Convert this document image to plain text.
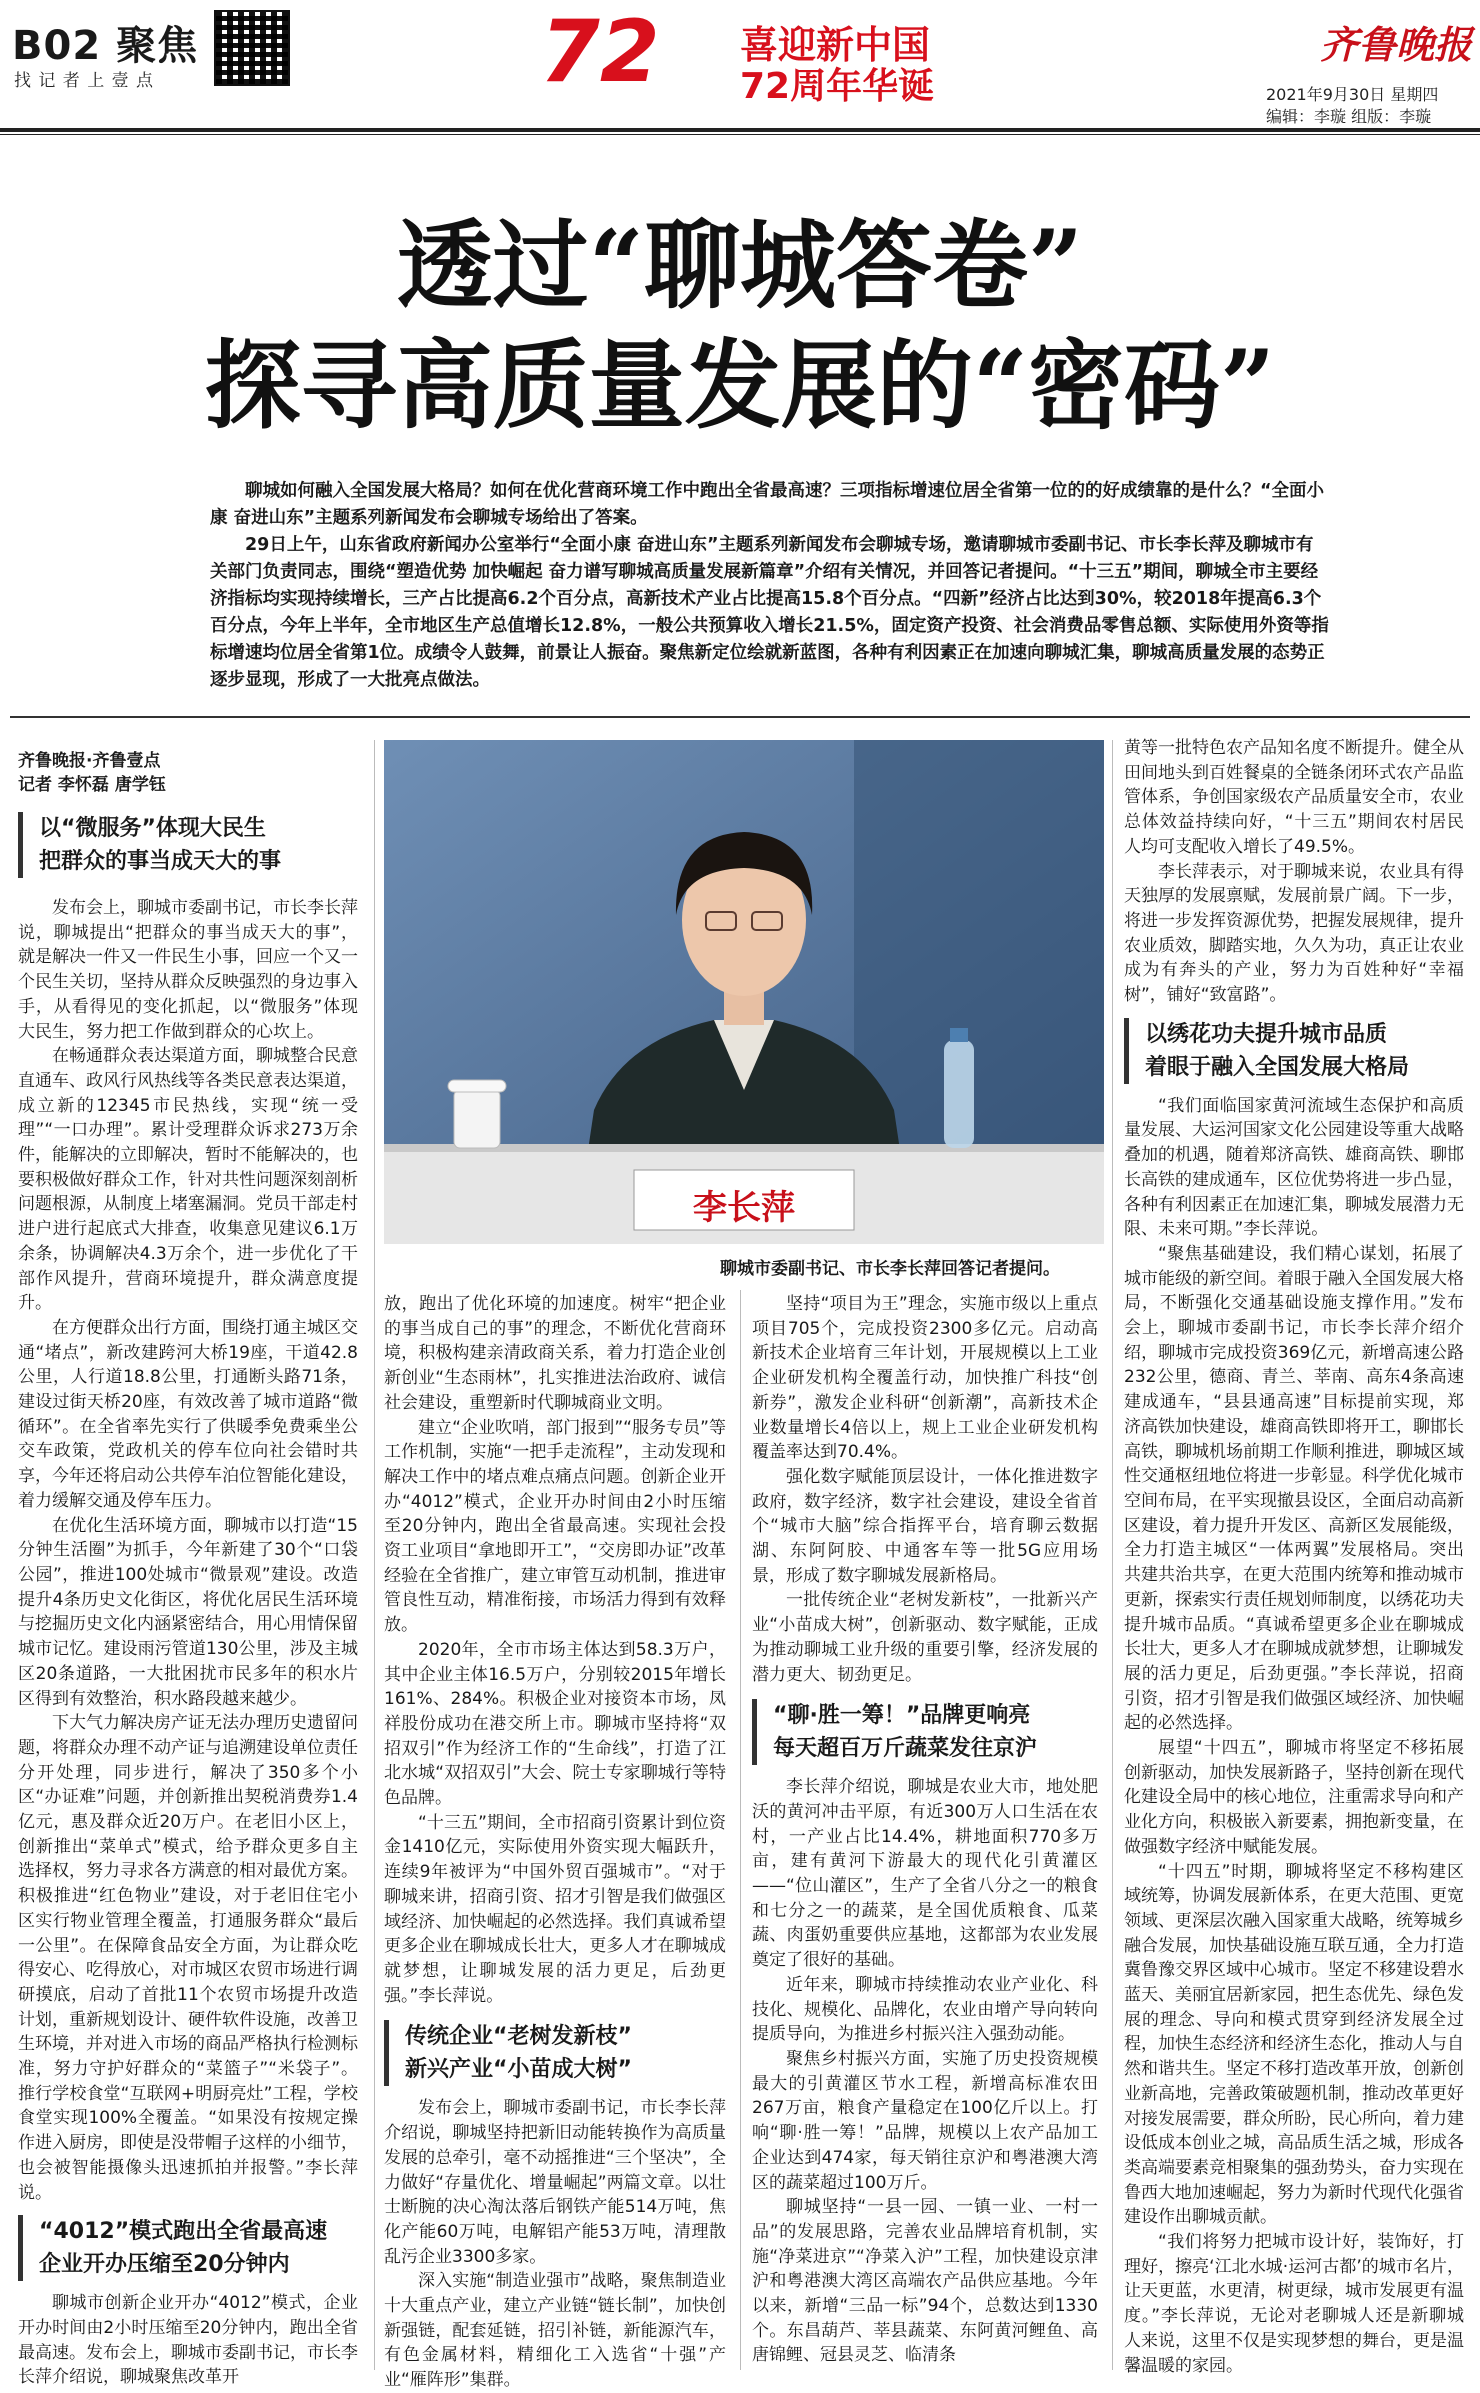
B02 聚焦
找 记 者 上 壹 点	72 喜迎新中国
72周年华诞
齐鲁晚报
2021年9月30日 星期四
编辑：李璇 组版：李璇
透过“聊城答卷”
探寻高质量发展的“密码”

聊城如何融入全国发展大格局？如何在优化营商环境工作中跑出全省最高速？三项指标增速位居全省第一位的的好成绩靠的是什么？“全面小康 奋进山东”主题系列新闻发布会聊城专场给出了答案。

29日上午，山东省政府新闻办公室举行“全面小康 奋进山东”主题系列新闻发布会聊城专场，邀请聊城市委副书记、市长李长萍及聊城市有关部门负责同志，围绕“塑造优势 加快崛起 奋力谱写聊城高质量发展新篇章”介绍有关情况，并回答记者提问。“十三五”期间，聊城全市主要经济指标均实现持续增长，三产占比提高6.2个百分点，高新技术产业占比提高15.8个百分点。“四新”经济占比达到30%，较2018年提高6.3个百分点，今年上半年，全市地区生产总值增长12.8%，一般公共预算收入增长21.5%，固定资产投资、社会消费品零售总额、实际使用外资等指标增速均位居全省第1位。成绩令人鼓舞，前景让人振奋。聚焦新定位绘就新蓝图，各种有利因素正在加速向聊城汇集，聊城高质量发展的态势正逐步显现，形成了一大批亮点做法。

齐鲁晚报·齐鲁壹点
记者 李怀磊 唐学钰
以“微服务”体现大民生
把群众的事当成天大的事

发布会上，聊城市委副书记，市长李长萍说，聊城提出“把群众的事当成天大的事”，就是解决一件又一件民生小事，回应一个又一个民生关切，坚持从群众反映强烈的身边事入手，从看得见的变化抓起，以“微服务”体现大民生，努力把工作做到群众的心坎上。

在畅通群众表达渠道方面，聊城整合民意直通车、政风行风热线等各类民意表达渠道，成立新的12345市民热线，实现“统一受理”“一口办理”。累计受理群众诉求273万余件，能解决的立即解决，暂时不能解决的，也要积极做好群众工作，针对共性问题深刻剖析问题根源，从制度上堵塞漏洞。党员干部走村进户进行起底式大排查，收集意见建议6.1万余条，协调解决4.3万余个，进一步优化了干部作风提升，营商环境提升，群众满意度提升。

在方便群众出行方面，围绕打通主城区交通“堵点”，新改建跨河大桥19座，干道42.8公里，人行道18.8公里，打通断头路71条，建设过街天桥20座，有效改善了城市道路“微循环”。在全省率先实行了供暖季免费乘坐公交车政策，党政机关的停车位向社会错时共享，今年还将启动公共停车泊位智能化建设，着力缓解交通及停车压力。

在优化生活环境方面，聊城市以打造“15分钟生活圈”为抓手，今年新建了30个“口袋公园”，推进100处城市“微景观”建设。改造提升4条历史文化街区，将优化居民生活环境与挖掘历史文化内涵紧密结合，用心用情保留城市记忆。建设雨污管道130公里，涉及主城区20条道路，一大批困扰市民多年的积水片区得到有效整治，积水路段越来越少。

下大气力解决房产证无法办理历史遗留问题，将群众办理不动产证与追溯建设单位责任分开处理，同步进行，解决了350多个小区“办证难”问题，并创新推出契税消费券1.4亿元，惠及群众近20万户。在老旧小区上，创新推出“菜单式”模式，给予群众更多自主选择权，努力寻求各方满意的相对最优方案。积极推进“红色物业”建设，对于老旧住宅小区实行物业管理全覆盖，打通服务群众“最后一公里”。在保障食品安全方面，为让群众吃得安心、吃得放心，对市城区农贸市场进行调研摸底，启动了首批11个农贸市场提升改造计划，重新规划设计、硬件软件设施，改善卫生环境，并对进入市场的商品严格执行检测标准，努力守护好群众的“菜篮子”“米袋子”。推行学校食堂“互联网+明厨亮灶”工程，学校食堂实现100%全覆盖。“如果没有按规定操作进入厨房，即使是没带帽子这样的小细节，也会被智能摄像头迅速抓拍并报警。”李长萍说。

“4012”模式跑出全省最高速
企业开办压缩至20分钟内

聊城市创新企业开办“4012”模式，企业开办时间由2小时压缩至20分钟内，跑出全省最高速。发布会上，聊城市委副书记，市长李长萍介绍说，聊城聚焦改革开

李长萍
聊城市委副书记、市长李长萍回答记者提问。

放，跑出了优化环境的加速度。树牢“把企业的事当成自己的事”的理念，不断优化营商环境，积极构建亲清政商关系，着力打造企业创新创业“生态雨林”，扎实推进法治政府、诚信社会建设，重塑新时代聊城商业文明。

建立“企业吹哨，部门报到”“服务专员”等工作机制，实施“一把手走流程”，主动发现和解决工作中的堵点难点痛点问题。创新企业开办“4012”模式，企业开办时间由2小时压缩至20分钟内，跑出全省最高速。实现社会投资工业项目“拿地即开工”，“交房即办证”改革经验在全省推广，建立审管互动机制，推进审管良性互动，精准衔接，市场活力得到有效释放。

2020年，全市市场主体达到58.3万户，其中企业主体16.5万户，分别较2015年增长161%、284%。积极企业对接资本市场，凤祥股份成功在港交所上市。聊城市坚持将“双招双引”作为经济工作的“生命线”，打造了江北水城“双招双引”大会、院士专家聊城行等特色品牌。

“十三五”期间，全市招商引资累计到位资金1410亿元，实际使用外资实现大幅跃升，连续9年被评为“中国外贸百强城市”。“对于聊城来讲，招商引资、招才引智是我们做强区域经济、加快崛起的必然选择。我们真诚希望更多企业在聊城成长壮大，更多人才在聊城成就梦想，让聊城发展的活力更足，后劲更强。”李长萍说。

传统企业“老树发新枝”
新兴产业“小苗成大树”

发布会上，聊城市委副书记，市长李长萍介绍说，聊城坚持把新旧动能转换作为高质量发展的总牵引，毫不动摇推进“三个坚决”，全力做好“存量优化、增量崛起”两篇文章。以壮士断腕的决心淘汰落后钢铁产能514万吨，焦化产能60万吨，电解铝产能53万吨，清理散乱污企业3300多家。

深入实施“制造业强市”战略，聚焦制造业十大重点产业，建立产业链“链长制”，加快创新强链，配套延链，招引补链，新能源汽车，有色金属材料，精细化工入选省“十强”产业“雁阵形”集群。

坚持“项目为王”理念，实施市级以上重点项目705个，完成投资2300多亿元。启动高新技术企业培育三年计划，开展规模以上工业企业研发机构全覆盖行动，加快推广科技“创新券”，激发企业科研“创新潮”，高新技术企业数量增长4倍以上，规上工业企业研发机构覆盖率达到70.4%。

强化数字赋能顶层设计，一体化推进数字政府，数字经济，数字社会建设，建设全省首个“城市大脑”综合指挥平台，培育聊云数据湖、东阿阿胶、中通客车等一批5G应用场景，形成了数字聊城发展新格局。

一批传统企业“老树发新枝”，一批新兴产业“小苗成大树”，创新驱动、数字赋能，正成为推动聊城工业升级的重要引擎，经济发展的潜力更大、韧劲更足。

“聊·胜一筹！”品牌更响亮
每天超百万斤蔬菜发往京沪

李长萍介绍说，聊城是农业大市，地处肥沃的黄河冲击平原，有近300万人口生活在农村，一产业占比14.4%，耕地面积770多万亩，建有黄河下游最大的现代化引黄灌区——“位山灌区”，生产了全省八分之一的粮食和七分之一的蔬菜，是全国优质粮食、瓜菜蔬、肉蛋奶重要供应基地，这都部为农业发展奠定了很好的基础。

近年来，聊城市持续推动农业产业化、科技化、规模化、品牌化，农业由增产导向转向提质导向，为推进乡村振兴注入强劲动能。

聚焦乡村振兴方面，实施了历史投资规模最大的引黄灌区节水工程，新增高标准农田267万亩，粮食产量稳定在100亿斤以上。打响“聊·胜一筹！”品牌，规模以上农产品加工企业达到474家，每天销往京沪和粤港澳大湾区的蔬菜超过100万斤。

聊城坚持“一县一园、一镇一业、一村一品”的发展思路，完善农业品牌培育机制，实施“净菜进京”“净菜入沪”工程，加快建设京津沪和粤港澳大湾区高端农产品供应基地。今年以来，新增“三品一标”94个，总数达到1330个。东昌葫芦、莘县蔬菜、东阿黄河鲤鱼、高唐锦鲤、冠县灵芝、临清条

黄等一批特色农产品知名度不断提升。健全从田间地头到百姓餐桌的全链条闭环式农产品监管体系，争创国家级农产品质量安全市，农业总体效益持续向好，“十三五”期间农村居民人均可支配收入增长了49.5%。

李长萍表示，对于聊城来说，农业具有得天独厚的发展禀赋，发展前景广阔。下一步，将进一步发挥资源优势，把握发展规律，提升农业质效，脚踏实地，久久为功，真正让农业成为有奔头的产业，努力为百姓种好“幸福树”，铺好“致富路”。

以绣花功夫提升城市品质
着眼于融入全国发展大格局

“我们面临国家黄河流域生态保护和高质量发展、大运河国家文化公园建设等重大战略叠加的机遇，随着郑济高铁、雄商高铁、聊邯长高铁的建成通车，区位优势将进一步凸显，各种有利因素正在加速汇集，聊城发展潜力无限、未来可期。”李长萍说。

“聚焦基础建设，我们精心谋划，拓展了城市能级的新空间。着眼于融入全国发展大格局，不断强化交通基础设施支撑作用。”发布会上，聊城市委副书记，市长李长萍介绍介绍，聊城市完成投资369亿元，新增高速公路232公里，德商、青兰、莘南、高东4条高速建成通车，“县县通高速”目标提前实现，郑济高铁加快建设，雄商高铁即将开工，聊邯长高铁，聊城机场前期工作顺利推进，聊城区域性交通枢纽地位将进一步彰显。科学优化城市空间布局，在平实现撤县设区，全面启动高新区建设，着力提升开发区、高新区发展能级，全力打造主城区“一体两翼”发展格局。突出共建共治共享，在更大范围内统筹和推动城市更新，探索实行责任规划师制度，以绣花功夫提升城市品质。“真诚希望更多企业在聊城成长壮大，更多人才在聊城成就梦想，让聊城发展的活力更足，后劲更强。”李长萍说，招商引资，招才引智是我们做强区域经济、加快崛起的必然选择。

展望“十四五”，聊城市将坚定不移拓展创新驱动，加快发展新路子，坚持创新在现代化建设全局中的核心地位，注重需求导向和产业化方向，积极嵌入新要素，拥抱新变量，在做强数字经济中赋能发展。

“十四五”时期，聊城将坚定不移构建区域统筹，协调发展新体系，在更大范围、更宽领域、更深层次融入国家重大战略，统筹城乡融合发展，加快基础设施互联互通，全力打造冀鲁豫交界区域中心城市。坚定不移建设碧水蓝天、美丽宜居新家园，把生态优先、绿色发展的理念、导向和模式贯穿到经济发展全过程，加快生态经济和经济生态化，推动人与自然和谐共生。坚定不移打造改革开放，创新创业新高地，完善政策破题机制，推动改革更好对接发展需要，群众所盼，民心所向，着力建设低成本创业之城，高品质生活之城，形成各类高端要素竞相聚集的强劲势头，奋力实现在鲁西大地加速崛起，努力为新时代现代化强省建设作出聊城贡献。

“我们将努力把城市设计好，装饰好，打理好，擦亮‘江北水城·运河古都’的城市名片，让天更蓝，水更清，树更绿，城市发展更有温度。”李长萍说，无论对老聊城人还是新聊城人来说，这里不仅是实现梦想的舞台，更是温馨温暖的家园。
